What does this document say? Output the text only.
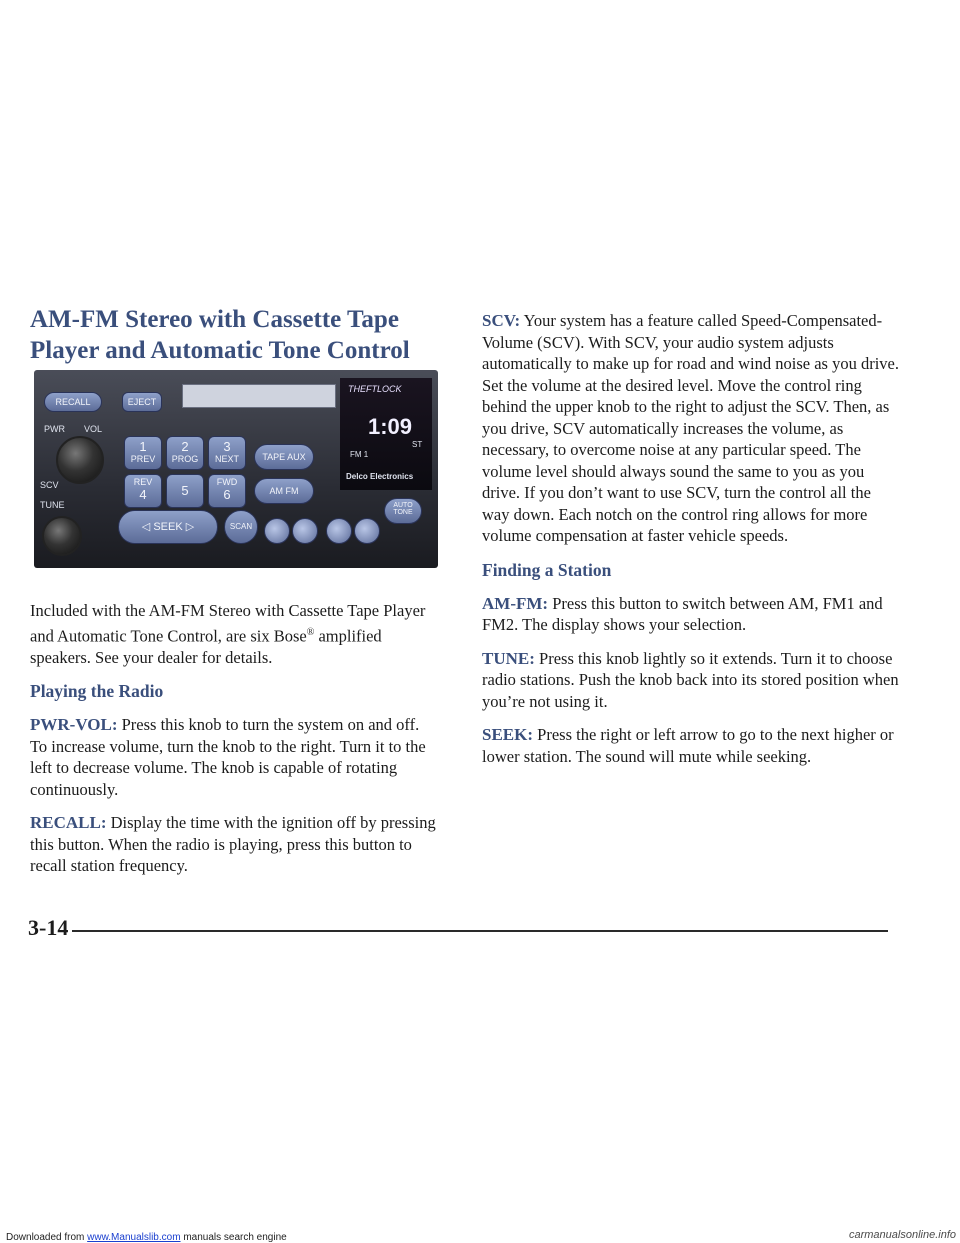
AM-FM Stereo with Cassette Tape Player and Automatic Tone Control
RECALL	EJECT
PWR VOL
SCV
TUNE
1
PREV
2
PROG
3
NEXT
REV
4	5
FWD
6
TAPE AUX
AM FM
THEFTLOCK
1:09
ST
FM 1
Delco Electronics
◁ SEEK ▷	SCAN
AUTO TONE

Included with the AM-FM Stereo with Cassette Tape Player and Automatic Tone Control, are six Bose® amplified speakers. See your dealer for details.

Playing the Radio

PWR-VOL: Press this knob to turn the system on and off. To increase volume, turn the knob to the right. Turn it to the left to decrease volume. The knob is capable of rotating continuously.

RECALL: Display the time with the ignition off by pressing this button. When the radio is playing, press this button to recall station frequency.

SCV: Your system has a feature called Speed-Compensated-Volume (SCV). With SCV, your audio system adjusts automatically to make up for road and wind noise as you drive. Set the volume at the desired level. Move the control ring behind the upper knob to the right to adjust the SCV. Then, as you drive, SCV automatically increases the volume, as necessary, to overcome noise at any particular speed. The volume level should always sound the same to you as you drive. If you don’t want to use SCV, turn the control all the way down. Each notch on the control ring allows for more volume compensation at faster vehicle speeds.

Finding a Station

AM-FM: Press this button to switch between AM, FM1 and FM2. The display shows your selection.

TUNE: Press this knob lightly so it extends. Turn it to choose radio stations. Push the knob back into its stored position when you’re not using it.

SEEK: Press the right or left arrow to go to the next higher or lower station. The sound will mute while seeking.

3-14
Downloaded from www.Manualslib.com manuals search engine	carmanualsonline.info
